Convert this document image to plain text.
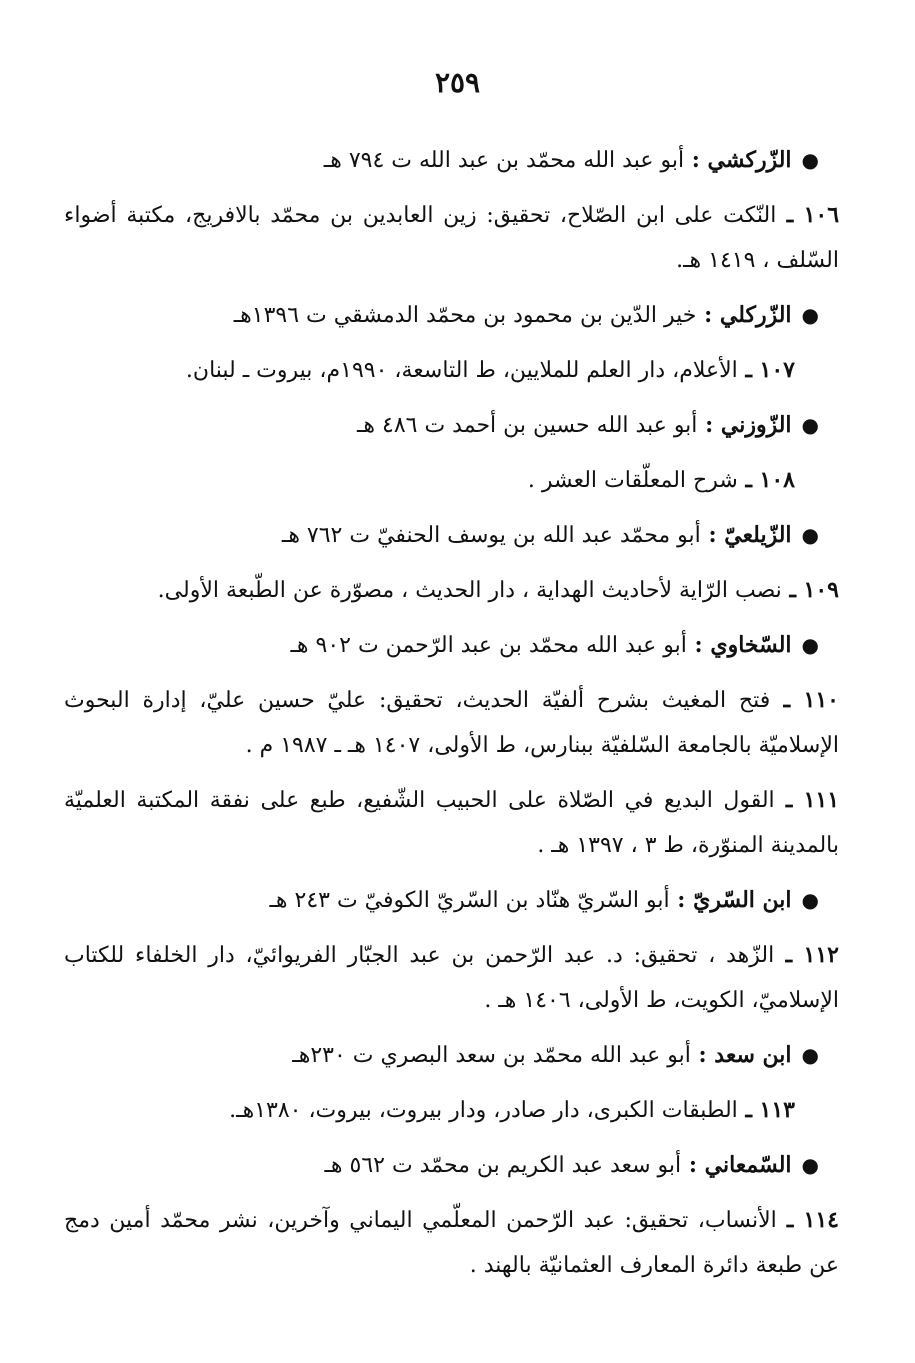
٢٥٩
●الزّركشي : أبو عبد الله محمّد بن عبد الله ت ٧٩٤ هـ
١٠٦ ـ النّكت على ابن الصّلاح، تحقيق: زين العابدين بن محمّد بالافريج، مكتبة أضواء السّلف ، ١٤١٩ هـ.
●الزّركلي : خير الدّين بن محمود بن محمّد الدمشقي ت ١٣٩٦هـ
١٠٧ ـ الأعلام، دار العلم للملايين، ط التاسعة، ١٩٩٠م، بيروت ـ لبنان.
●الزّوزني : أبو عبد الله حسين بن أحمد ت ٤٨٦ هـ
١٠٨ ـ شرح المعلّقات العشر .
●الزّيلعيّ : أبو محمّد عبد الله بن يوسف الحنفيّ ت ٧٦٢ هـ
١٠٩ ـ نصب الرّاية لأحاديث الهداية ، دار الحديث ، مصوّرة عن الطّبعة الأولى.
●السّخاوي : أبو عبد الله محمّد بن عبد الرّحمن ت ٩٠٢ هـ
١١٠ ـ فتح المغيث بشرح ألفيّة الحديث، تحقيق: عليّ حسين عليّ، إدارة البحوث الإسلاميّة بالجامعة السّلفيّة ببنارس، ط الأولى، ١٤٠٧ هـ ـ ١٩٨٧ م .
١١١ ـ القول البديع في الصّلاة على الحبيب الشّفيع، طبع على نفقة المكتبة العلميّة بالمدينة المنوّرة، ط ٣ ، ١٣٩٧ هـ .
●ابن السّريّ : أبو السّريّ هنّاد بن السّريّ الكوفيّ ت ٢٤٣ هـ
١١٢ ـ الزّهد ، تحقيق: د. عبد الرّحمن بن عبد الجبّار الفريوائيّ، دار الخلفاء للكتاب الإسلاميّ، الكويت، ط الأولى، ١٤٠٦ هـ .
●ابن سعد : أبو عبد الله محمّد بن سعد البصري ت ٢٣٠هـ
١١٣ ـ الطبقات الكبرى، دار صادر، ودار بيروت، بيروت، ١٣٨٠هـ.
●السّمعاني : أبو سعد عبد الكريم بن محمّد ت ٥٦٢ هـ
١١٤ ـ الأنساب، تحقيق: عبد الرّحمن المعلّمي اليماني وآخرين، نشر محمّد أمين دمج عن طبعة دائرة المعارف العثمانيّة بالهند .
